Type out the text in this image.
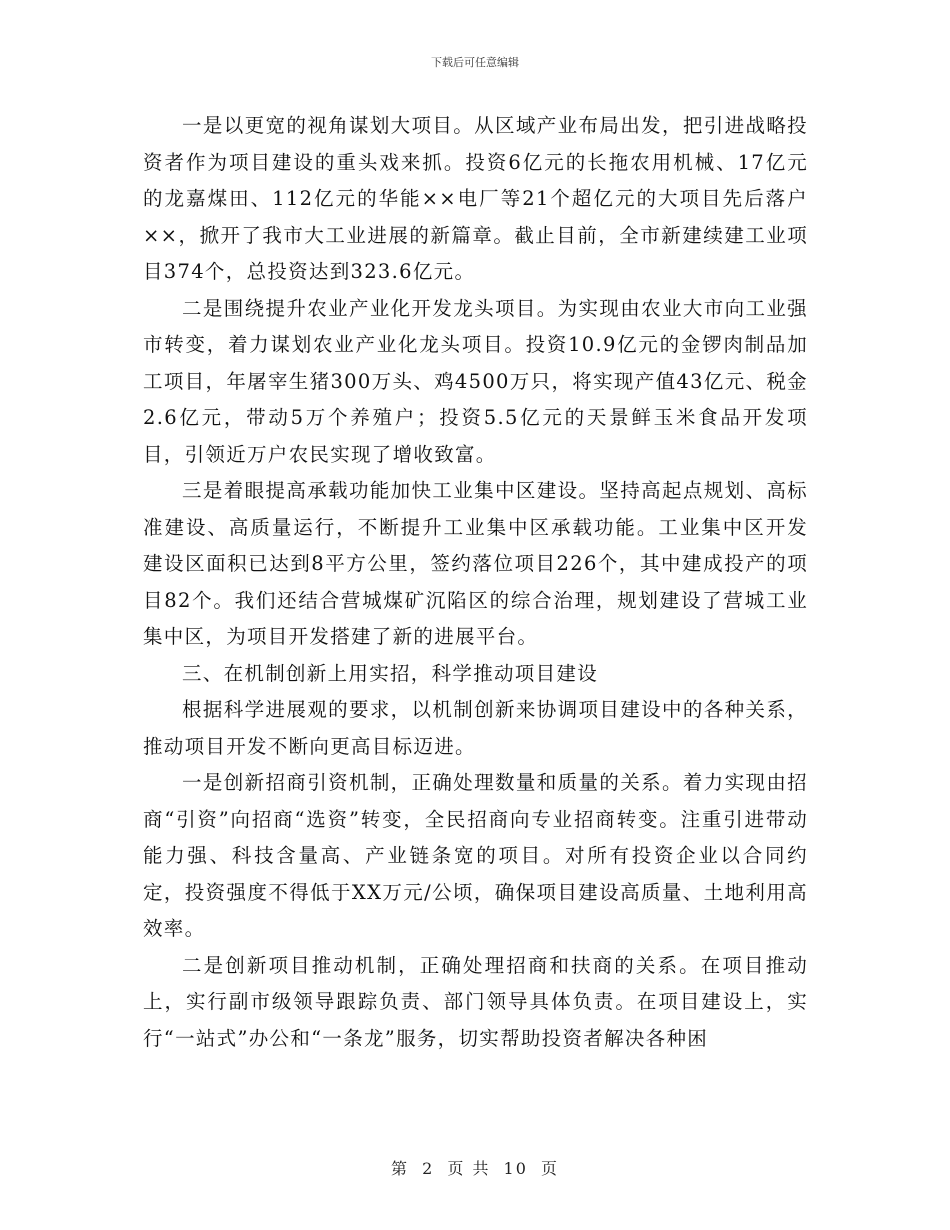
下载后可任意编辑

一是以更宽的视角谋划大项目。从区域产业布局出发，把引进战略投资者作为项目建设的重头戏来抓。投资6亿元的长拖农用机械、17亿元的龙嘉煤田、112亿元的华能××电厂等21个超亿元的大项目先后落户××，掀开了我市大工业进展的新篇章。截止目前，全市新建续建工业项目374个，总投资达到323.6亿元。

二是围绕提升农业产业化开发龙头项目。为实现由农业大市向工业强市转变，着力谋划农业产业化龙头项目。投资10.9亿元的金锣肉制品加工项目，年屠宰生猪300万头、鸡4500万只，将实现产值43亿元、税金2.6亿元，带动5万个养殖户；投资5.5亿元的天景鲜玉米食品开发项目，引领近万户农民实现了增收致富。

三是着眼提高承载功能加快工业集中区建设。坚持高起点规划、高标准建设、高质量运行，不断提升工业集中区承载功能。工业集中区开发建设区面积已达到8平方公里，签约落位项目226个，其中建成投产的项目82个。我们还结合营城煤矿沉陷区的综合治理，规划建设了营城工业集中区，为项目开发搭建了新的进展平台。

三、在机制创新上用实招，科学推动项目建设

根据科学进展观的要求，以机制创新来协调项目建设中的各种关系，推动项目开发不断向更高目标迈进。

一是创新招商引资机制，正确处理数量和质量的关系。着力实现由招商“引资”向招商“选资”转变，全民招商向专业招商转变。注重引进带动能力强、科技含量高、产业链条宽的项目。对所有投资企业以合同约定，投资强度不得低于XX万元/公顷，确保项目建设高质量、土地利用高效率。

二是创新项目推动机制，正确处理招商和扶商的关系。在项目推动上，实行副市级领导跟踪负责、部门领导具体负责。在项目建设上，实行“一站式”办公和“一条龙”服务，切实帮助投资者解决各种困

第 2 页 共 10 页
